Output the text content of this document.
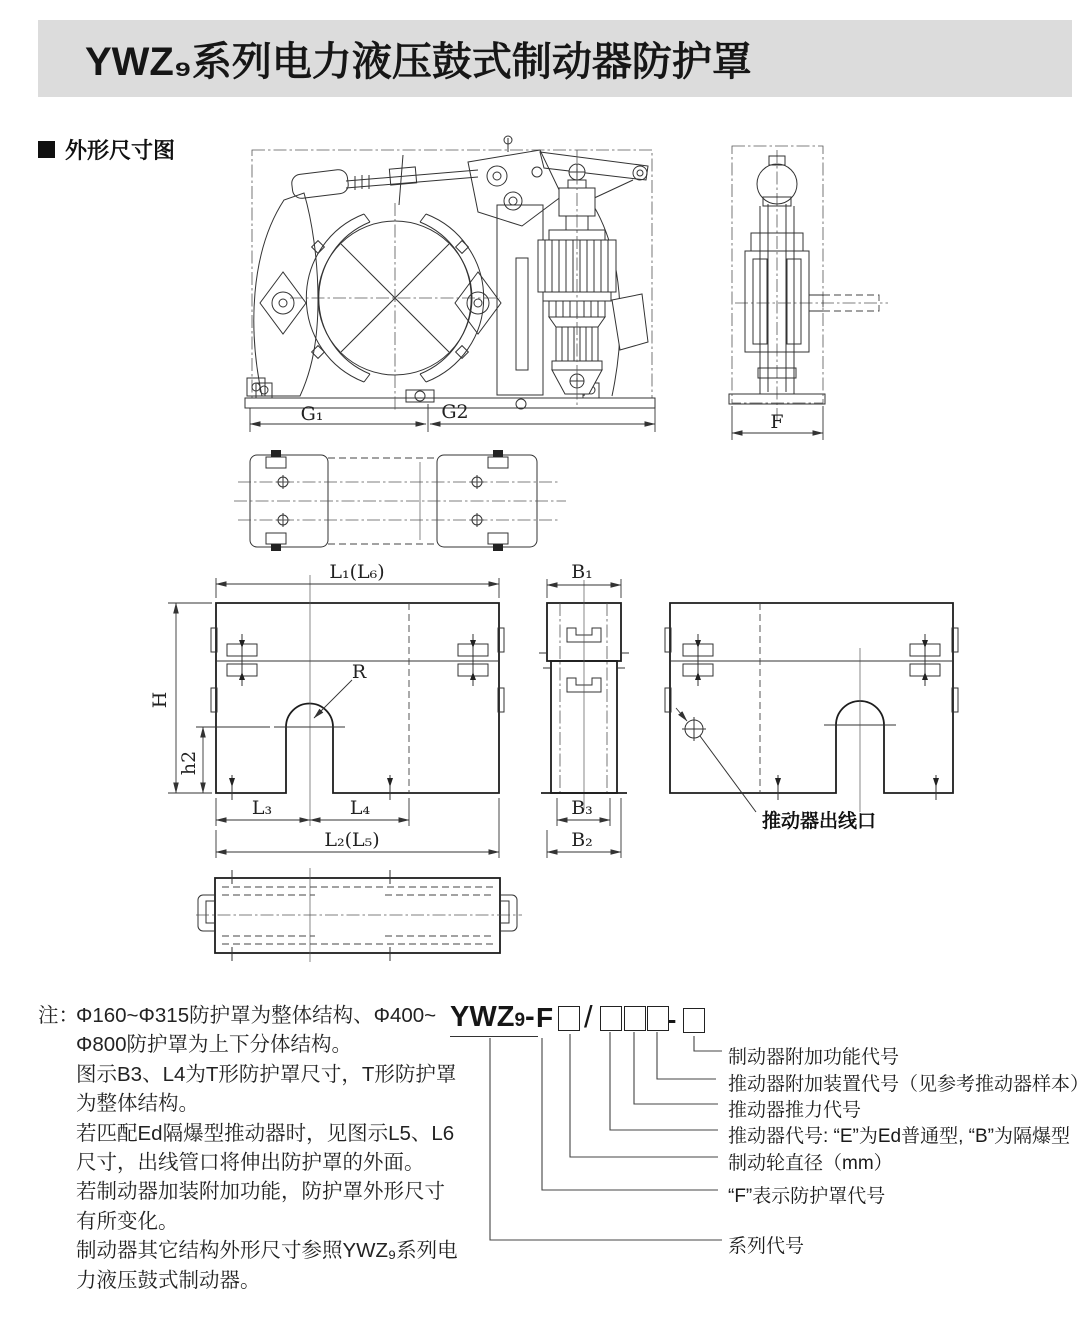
YWZ₉系列电力液压鼓式制动器防护罩
外形尺寸图
G₁	G2	F
L₁(L₆)
H
h2
R
L₃	L₄
L₂(L₅)
B₁
B₃
B₂
推动器出线口
注：
Φ160~Φ315防护罩为整体结构、Φ400~
Φ800防护罩为上下分体结构。
图示B3、L4为T形防护罩尺寸，T形防护罩
为整体结构。
若匹配Ed隔爆型推动器时，见图示L5、L6
尺寸，出线管口将伸出防护罩的外面。
若制动器加装附加功能，防护罩外形尺寸
有所变化。
制动器其它结构外形尺寸参照YWZ₉系列电
力液压鼓式制动器。
YWZ 9 - F /	-
制动器附加功能代号
推动器附加装置代号（见参考推动器样本）
推动器推力代号
推动器代号: “E”为Ed普通型, “B”为隔爆型
制动轮直径（mm）
“F”表示防护罩代号
系列代号
